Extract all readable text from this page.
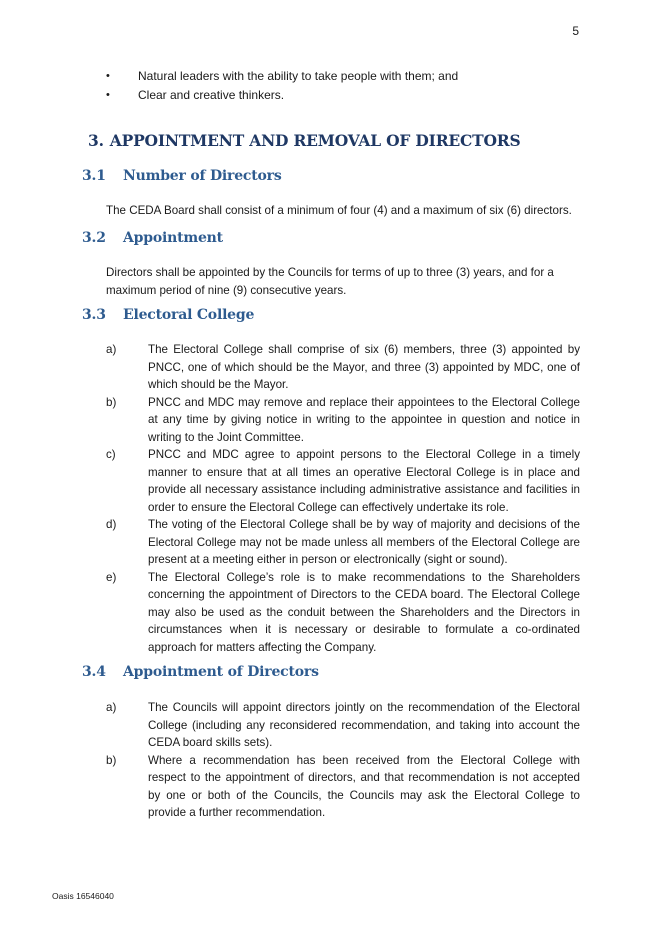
5
•	Natural leaders with the ability to take people with them; and
•	Clear and creative thinkers.
3. APPOINTMENT AND REMOVAL OF DIRECTORS
3.1	Number of Directors
The CEDA Board shall consist of a minimum of four (4) and a maximum of six (6) directors.
3.2	Appointment
Directors shall be appointed by the Councils for terms of up to three (3) years, and for a maximum period of nine (9) consecutive years.
3.3	Electoral College
a)	The Electoral College shall comprise of six (6) members, three (3) appointed by PNCC, one of which should be the Mayor, and three (3) appointed by MDC, one of which should be the Mayor.
b)	PNCC and MDC may remove and replace their appointees to the Electoral College at any time by giving notice in writing to the appointee in question and notice in writing to the Joint Committee.
c)	PNCC and MDC agree to appoint persons to the Electoral College in a timely manner to ensure that at all times an operative Electoral College is in place and provide all necessary assistance including administrative assistance and facilities in order to ensure the Electoral College can effectively undertake its role.
d)	The voting of the Electoral College shall be by way of majority and decisions of the Electoral College may not be made unless all members of the Electoral College are present at a meeting either in person or electronically (sight or sound).
e)	The Electoral College’s role is to make recommendations to the Shareholders concerning the appointment of Directors to the CEDA board. The Electoral College may also be used as the conduit between the Shareholders and the Directors in circumstances when it is necessary or desirable to formulate a co-ordinated approach for matters affecting the Company.
3.4	Appointment of Directors
a)	The Councils will appoint directors jointly on the recommendation of the Electoral College (including any reconsidered recommendation, and taking into account the CEDA board skills sets).
b)	Where a recommendation has been received from the Electoral College with respect to the appointment of directors, and that recommendation is not accepted by one or both of the Councils, the Councils may ask the Electoral College to provide a further recommendation.
Oasis 16546040
